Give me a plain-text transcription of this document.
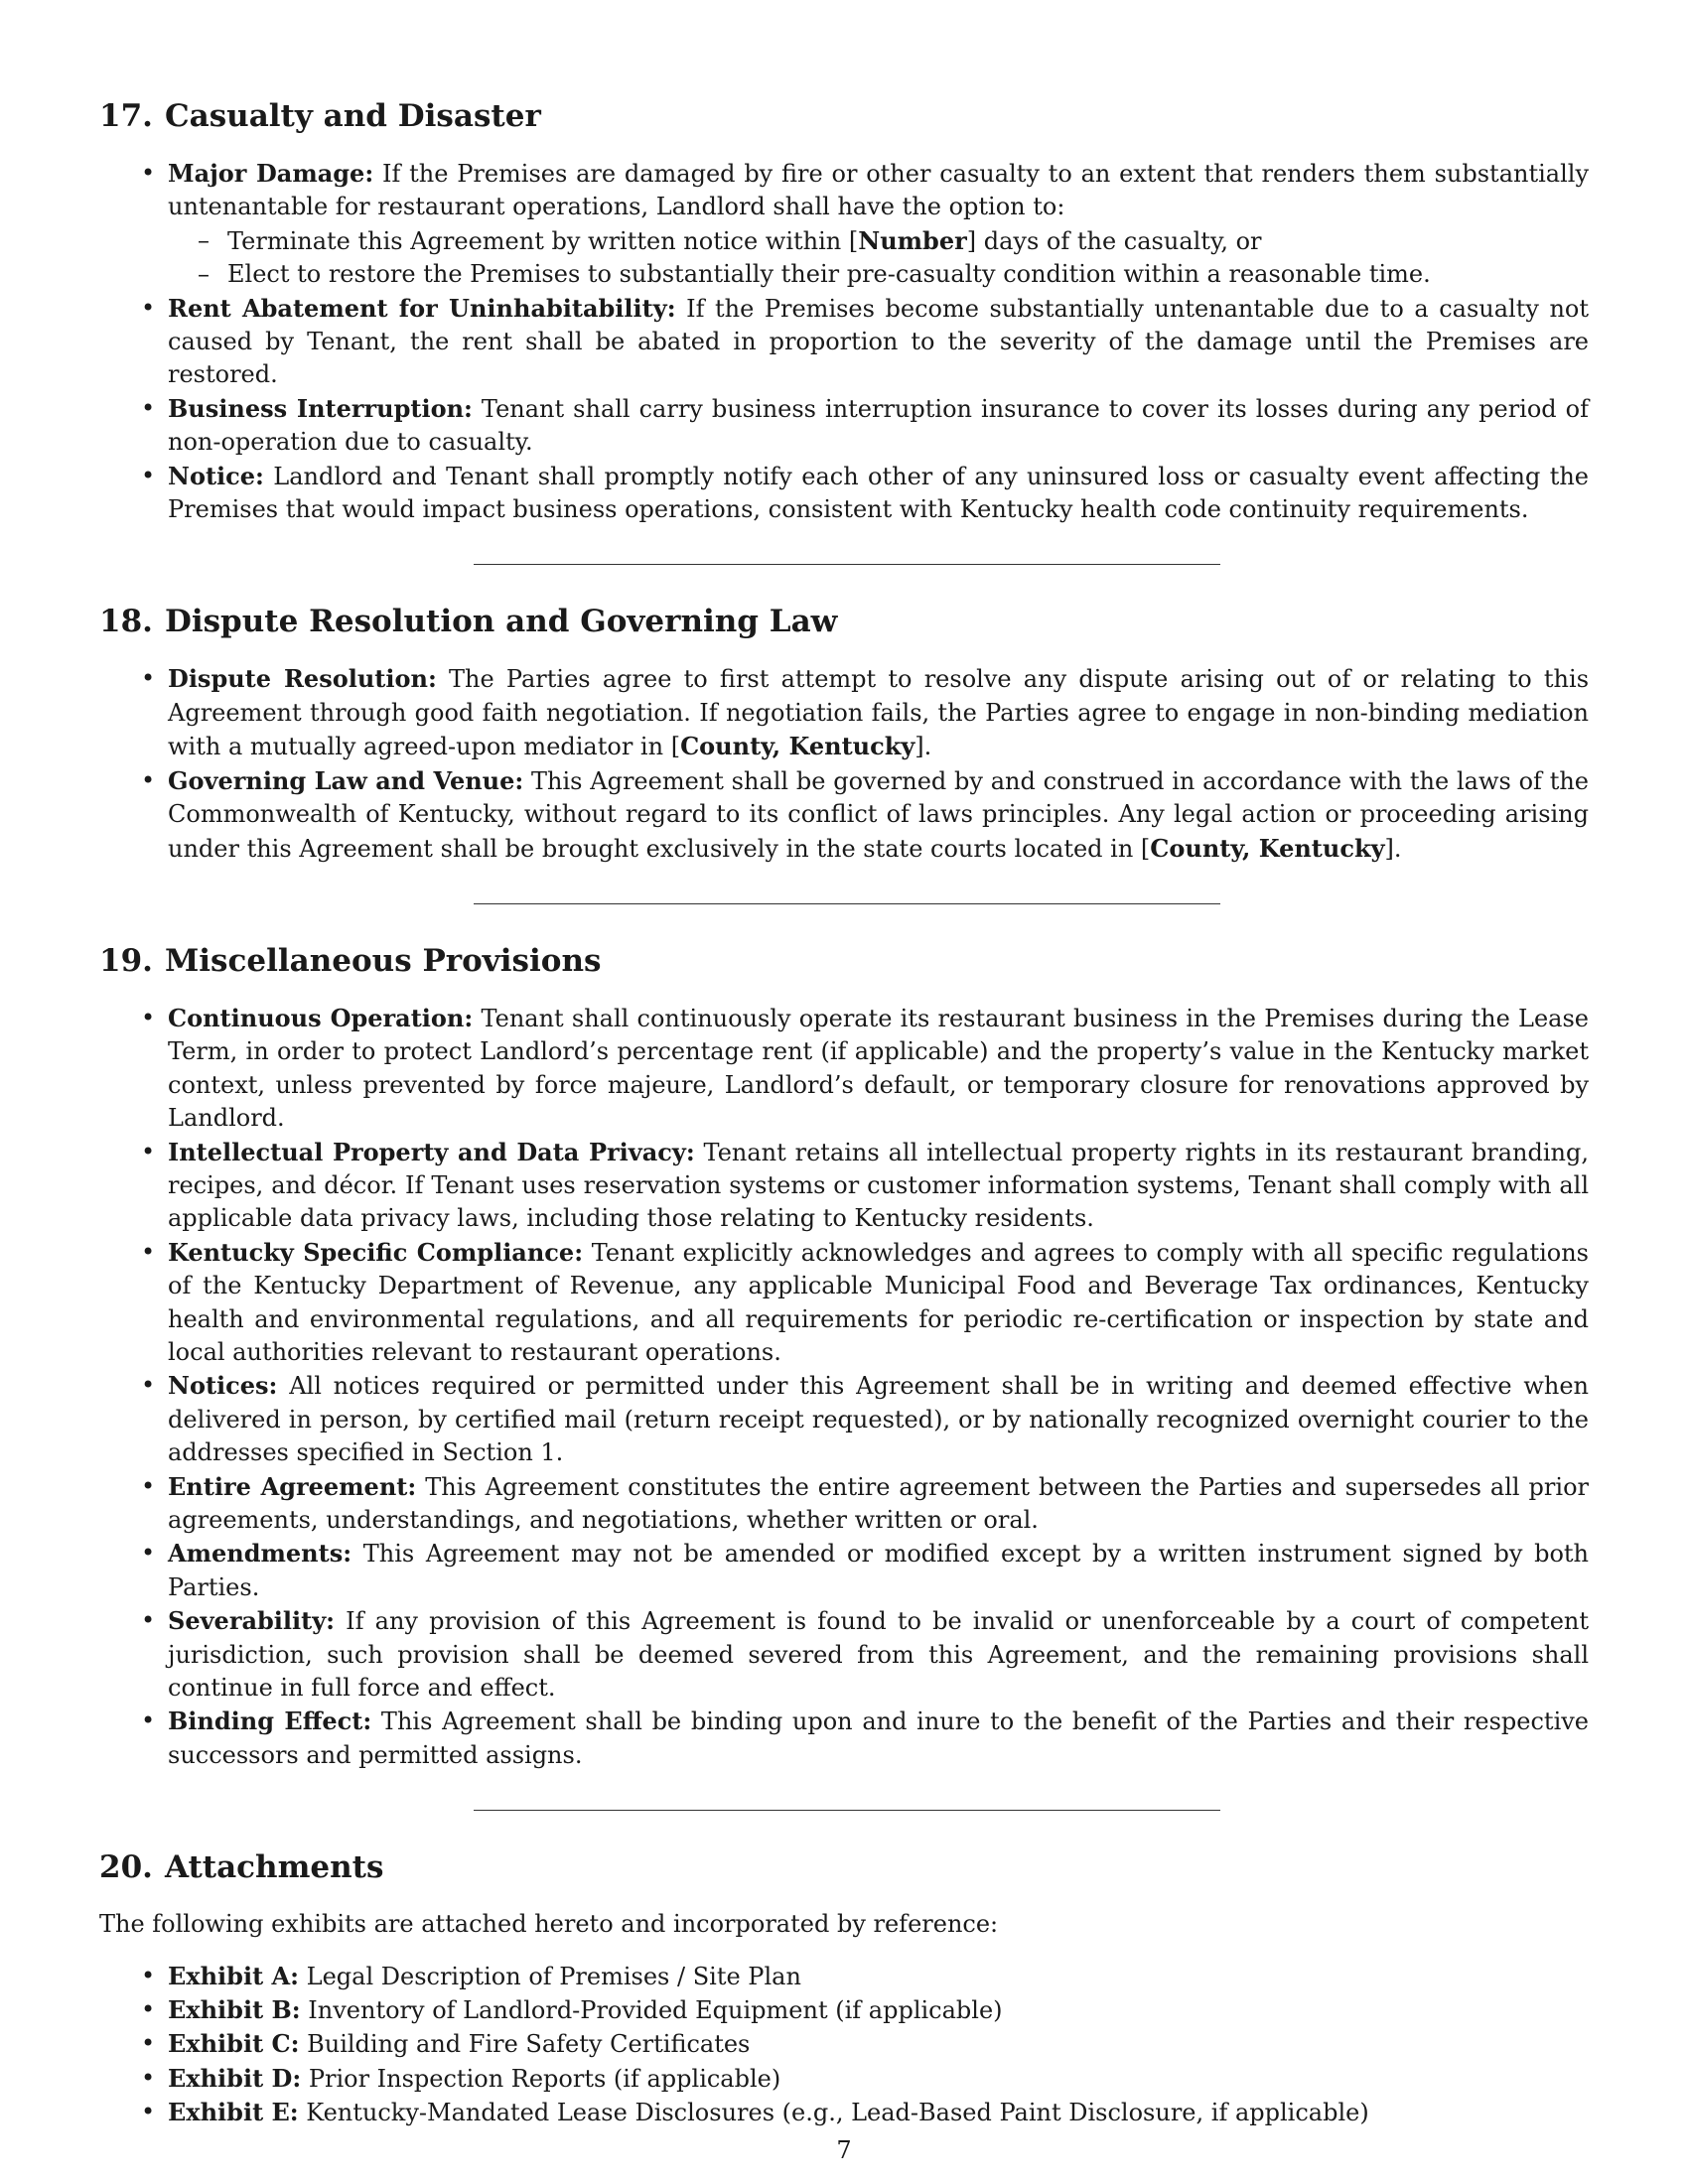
17. Casualty and Disaster
• Major Damage: If the Premises are damaged by fire or other casualty to an extent that renders them substantially untenantable for restaurant operations, Landlord shall have the option to:
– Terminate this Agreement by written notice within [Number] days of the casualty, or
– Elect to restore the Premises to substantially their pre-casualty condition within a reasonable time.
• Rent Abatement for Uninhabitability: If the Premises become substantially untenantable due to a casualty not caused by Tenant, the rent shall be abated in proportion to the severity of the damage until the Premises are restored.
• Business Interruption: Tenant shall carry business interruption insurance to cover its losses during any period of non-operation due to casualty.
• Notice: Landlord and Tenant shall promptly notify each other of any uninsured loss or casualty event affecting the Premises that would impact business operations, consistent with Kentucky health code continuity requirements.
18. Dispute Resolution and Governing Law
• Dispute Resolution: The Parties agree to first attempt to resolve any dispute arising out of or relating to this Agreement through good faith negotiation. If negotiation fails, the Parties agree to engage in non-binding mediation with a mutually agreed-upon mediator in [County, Kentucky].
• Governing Law and Venue: This Agreement shall be governed by and construed in accordance with the laws of the Commonwealth of Kentucky, without regard to its conflict of laws principles. Any legal action or proceeding arising under this Agreement shall be brought exclusively in the state courts located in [County, Kentucky].
19. Miscellaneous Provisions
• Continuous Operation: Tenant shall continuously operate its restaurant business in the Premises during the Lease Term, in order to protect Landlord’s percentage rent (if applicable) and the property’s value in the Kentucky market context, unless prevented by force majeure, Landlord’s default, or temporary closure for renovations approved by Landlord.
• Intellectual Property and Data Privacy: Tenant retains all intellectual property rights in its restaurant branding, recipes, and décor. If Tenant uses reservation systems or customer information systems, Tenant shall comply with all applicable data privacy laws, including those relating to Kentucky residents.
• Kentucky Specific Compliance: Tenant explicitly acknowledges and agrees to comply with all specific regulations of the Kentucky Department of Revenue, any applicable Municipal Food and Beverage Tax ordinances, Kentucky health and environmental regulations, and all requirements for periodic re-certification or inspection by state and local authorities relevant to restaurant operations.
• Notices: All notices required or permitted under this Agreement shall be in writing and deemed effective when delivered in person, by certified mail (return receipt requested), or by nationally recognized overnight courier to the addresses specified in Section 1.
• Entire Agreement: This Agreement constitutes the entire agreement between the Parties and supersedes all prior agreements, understandings, and negotiations, whether written or oral.
• Amendments: This Agreement may not be amended or modified except by a written instrument signed by both Parties.
• Severability: If any provision of this Agreement is found to be invalid or unenforceable by a court of competent jurisdiction, such provision shall be deemed severed from this Agreement, and the remaining provisions shall continue in full force and effect.
• Binding Effect: This Agreement shall be binding upon and inure to the benefit of the Parties and their respective successors and permitted assigns.
20. Attachments

The following exhibits are attached hereto and incorporated by reference:

• Exhibit A: Legal Description of Premises / Site Plan
• Exhibit B: Inventory of Landlord-Provided Equipment (if applicable)
• Exhibit C: Building and Fire Safety Certificates
• Exhibit D: Prior Inspection Reports (if applicable)
• Exhibit E: Kentucky-Mandated Lease Disclosures (e.g., Lead-Based Paint Disclosure, if applicable)
7
